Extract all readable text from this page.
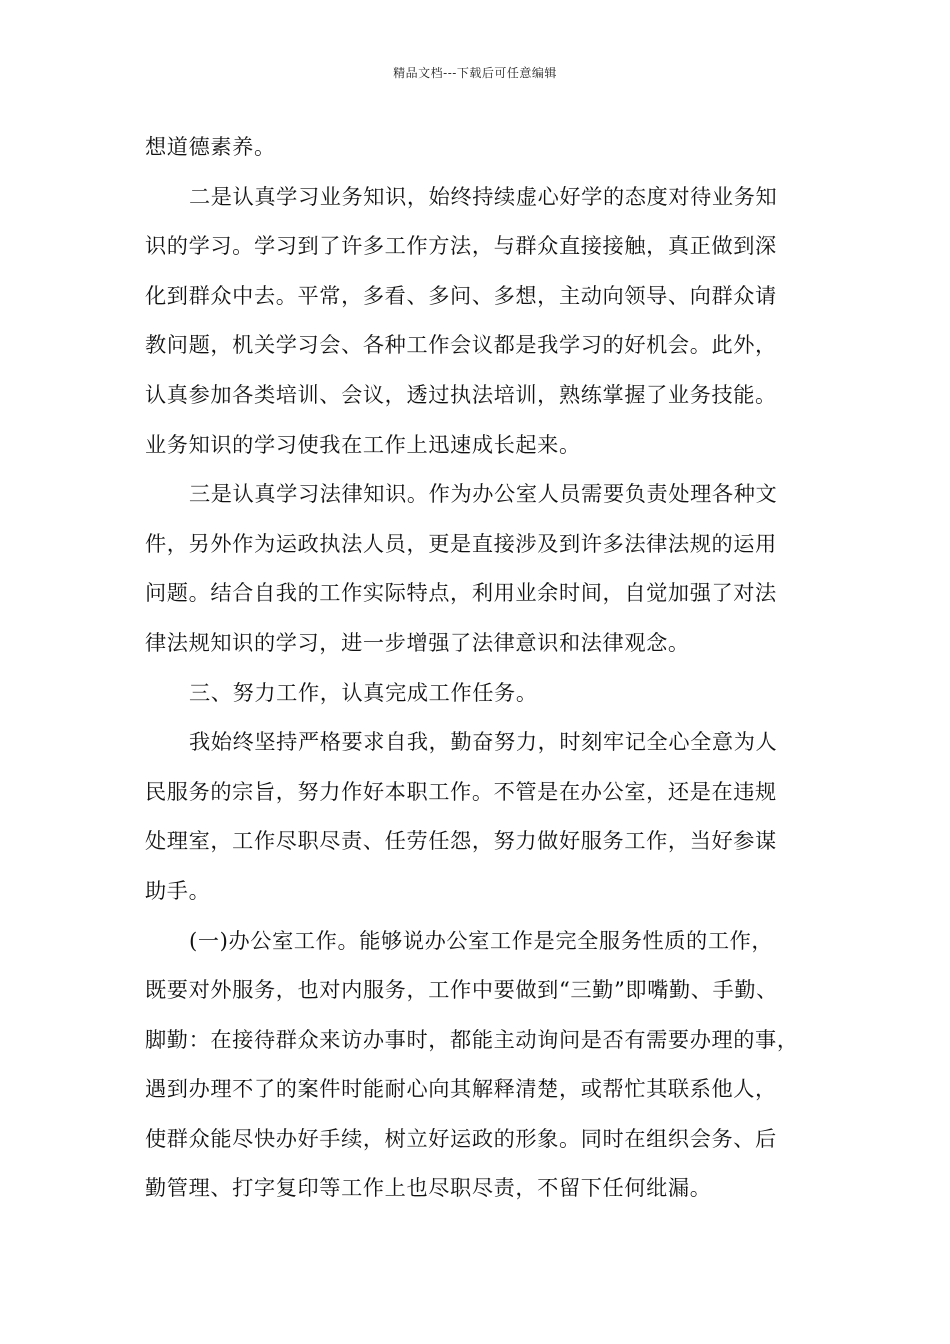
精品文档---下载后可任意编辑
想道德素养。
二是认真学习业务知识，始终持续虚心好学的态度对待业务知
识的学习。学习到了许多工作方法，与群众直接接触，真正做到深
化到群众中去。平常，多看、多问、多想，主动向领导、向群众请
教问题，机关学习会、各种工作会议都是我学习的好机会。此外，
认真参加各类培训、会议，透过执法培训，熟练掌握了业务技能。
业务知识的学习使我在工作上迅速成长起来。
三是认真学习法律知识。作为办公室人员需要负责处理各种文
件，另外作为运政执法人员，更是直接涉及到许多法律法规的运用
问题。结合自我的工作实际特点，利用业余时间，自觉加强了对法
律法规知识的学习，进一步增强了法律意识和法律观念。
三、努力工作，认真完成工作任务。
我始终坚持严格要求自我，勤奋努力，时刻牢记全心全意为人
民服务的宗旨，努力作好本职工作。不管是在办公室，还是在违规
处理室，工作尽职尽责、任劳任怨，努力做好服务工作，当好参谋
助手。
(一)办公室工作。能够说办公室工作是完全服务性质的工作，
既要对外服务，也对内服务，工作中要做到“三勤”即嘴勤、手勤、
脚勤：在接待群众来访办事时，都能主动询问是否有需要办理的事，
遇到办理不了的案件时能耐心向其解释清楚，或帮忙其联系他人，
使群众能尽快办好手续，树立好运政的形象。同时在组织会务、后
勤管理、打字复印等工作上也尽职尽责，不留下任何纰漏。
